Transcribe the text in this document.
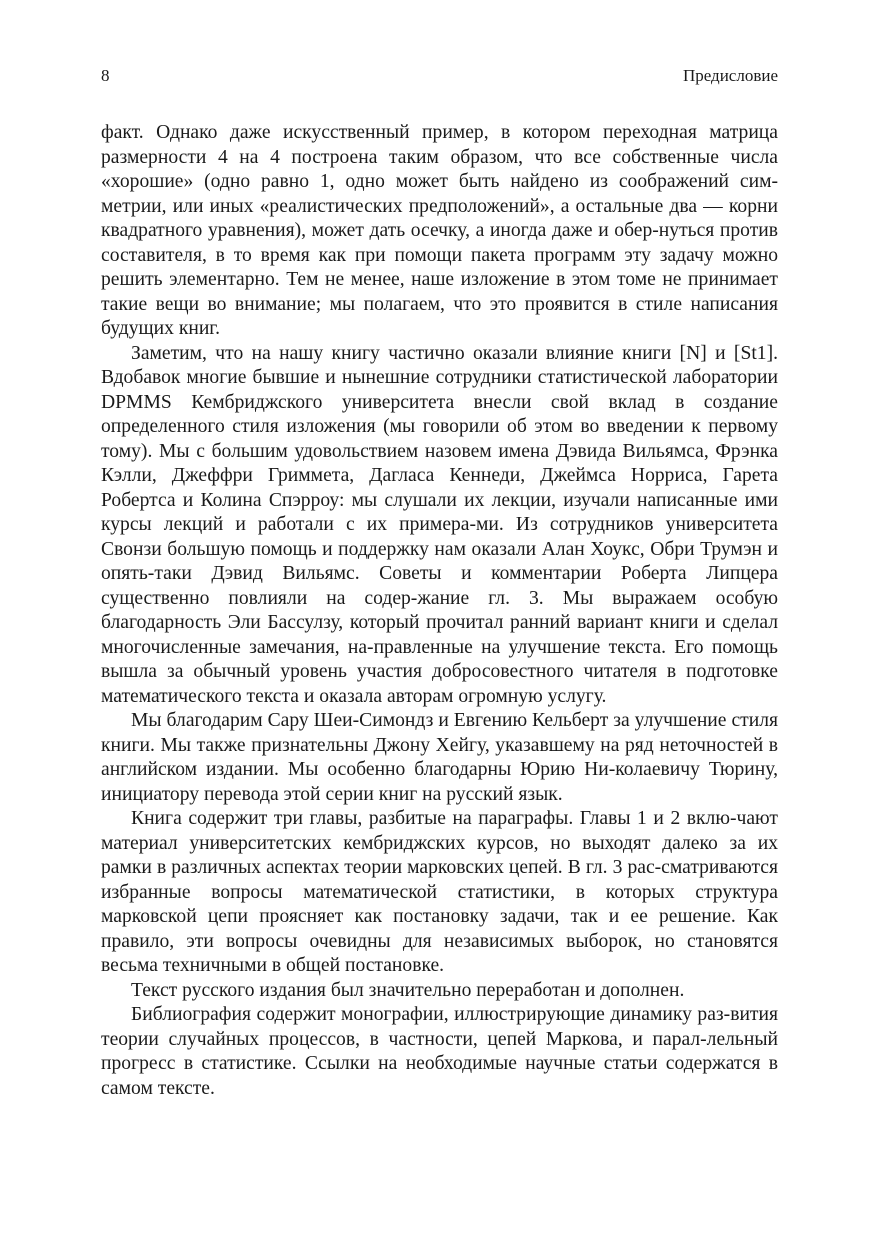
8	Предисловие

факт. Однако даже искусственный пример, в котором переходная матрица размерности 4 на 4 построена таким образом, что все собственные числа «хорошие» (одно равно 1, одно может быть найдено из соображений сим-метрии, или иных «реалистических предположений», а остальные два — корни квадратного уравнения), может дать осечку, а иногда даже и обер-нуться против составителя, в то время как при помощи пакета программ эту задачу можно решить элементарно. Тем не менее, наше изложение в этом томе не принимает такие вещи во внимание; мы полагаем, что это проявится в стиле написания будущих книг.

Заметим, что на нашу книгу частично оказали влияние книги [N] и [St1]. Вдобавок многие бывшие и нынешние сотрудники статистической лаборатории DPMMS Кембриджского университета внесли свой вклад в создание определенного стиля изложения (мы говорили об этом во введении к первому тому). Мы с большим удовольствием назовем имена Дэвида Вильямса, Фрэнка Кэлли, Джеффри Гриммета, Дагласа Кеннеди, Джеймса Норриса, Гарета Робертса и Колина Спэрроу: мы слушали их лекции, изучали написанные ими курсы лекций и работали с их примера-ми. Из сотрудников университета Свонзи большую помощь и поддержку нам оказали Алан Хоукс, Обри Трумэн и опять-таки Дэвид Вильямс. Советы и комментарии Роберта Липцера существенно повлияли на содер-жание гл. 3. Мы выражаем особую благодарность Эли Бассулзу, который прочитал ранний вариант книги и сделал многочисленные замечания, на-правленные на улучшение текста. Его помощь вышла за обычный уровень участия добросовестного читателя в подготовке математического текста и оказала авторам огромную услугу.

Мы благодарим Сару Шеи-Симондз и Евгению Кельберт за улучшение стиля книги. Мы также признательны Джону Хейгу, указавшему на ряд неточностей в английском издании. Мы особенно благодарны Юрию Ни-колаевичу Тюрину, инициатору перевода этой серии книг на русский язык.

Книга содержит три главы, разбитые на параграфы. Главы 1 и 2 вклю-чают материал университетских кембриджских курсов, но выходят далеко за их рамки в различных аспектах теории марковских цепей. В гл. 3 рас-сматриваются избранные вопросы математической статистики, в которых структура марковской цепи проясняет как постановку задачи, так и ее решение. Как правило, эти вопросы очевидны для независимых выборок, но становятся весьма техничными в общей постановке.

Текст русского издания был значительно переработан и дополнен.

Библиография содержит монографии, иллюстрирующие динамику раз-вития теории случайных процессов, в частности, цепей Маркова, и парал-лельный прогресс в статистике. Ссылки на необходимые научные статьи содержатся в самом тексте.
